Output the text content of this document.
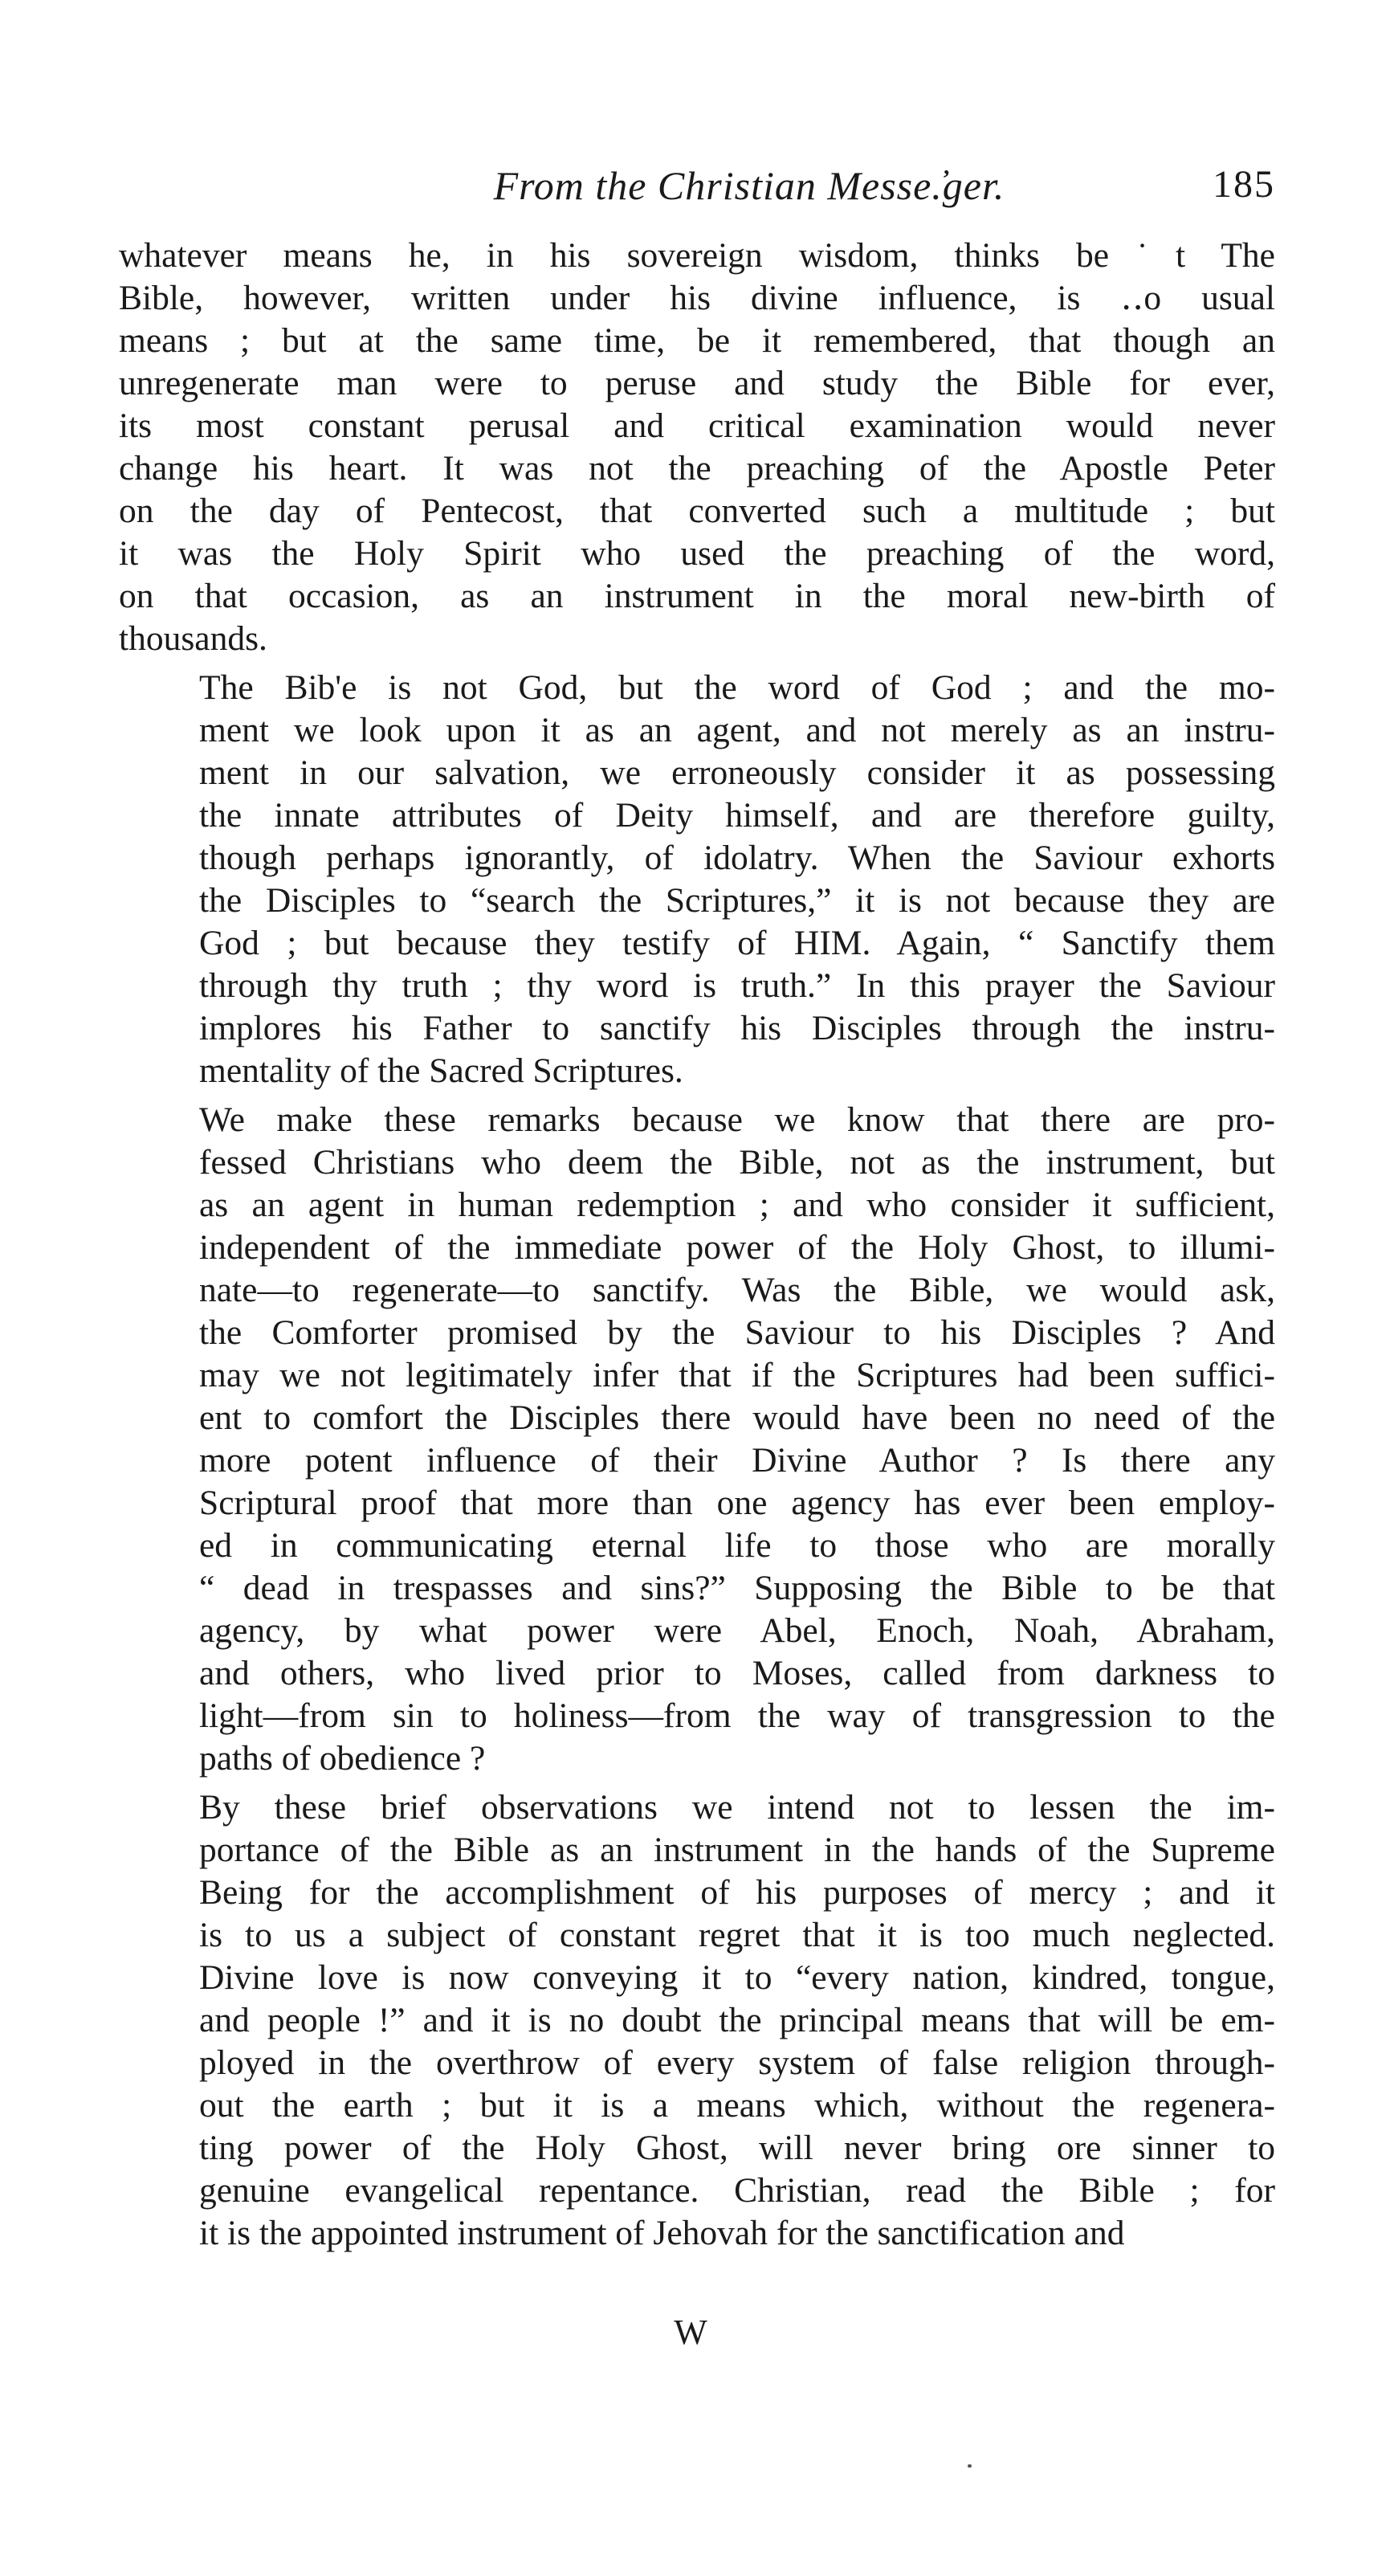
From the Christian Messe.̓ger.	185

whatever means he, in his sovereign wisdom, thinks be˙t The
Bible, however, written under his divine influence, is ‥o usual
means ; but at the same time, be it remembered, that though an
unregenerate man were to peruse and study the Bible for ever,
its most constant perusal and critical examination would never
change his heart. It was not the preaching of the Apostle Peter
on the day of Pentecost, that converted such a multitude ; but
it was the Holy Spirit who used the preaching of the word,
on that occasion, as an instrument in the moral new-birth of
thousands.

The Bib'e is not God, but the word of God ; and the mo-
ment we look upon it as an agent, and not merely as an instru-
ment in our salvation, we erroneously consider it as possessing
the innate attributes of Deity himself, and are therefore guilty,
though perhaps ignorantly, of idolatry. When the Saviour exhorts
the Disciples to “search the Scriptures,” it is not because they are
God ; but because they testify of HIM. Again, “ Sanctify them
through thy truth ; thy word is truth.” In this prayer the Saviour
implores his Father to sanctify his Disciples through the instru-
mentality of the Sacred Scriptures.

We make these remarks because we know that there are pro-
fessed Christians who deem the Bible, not as the instrument, but
as an agent in human redemption ; and who consider it sufficient,
independent of the immediate power of the Holy Ghost, to illumi-
nate—to regenerate—to sanctify. Was the Bible, we would ask,
the Comforter promised by the Saviour to his Disciples ? And
may we not legitimately infer that if the Scriptures had been suffici-
ent to comfort the Disciples there would have been no need of the
more potent influence of their Divine Author ? Is there any
Scriptural proof that more than one agency has ever been employ-
ed in communicating eternal life to those who are morally
“ dead in trespasses and sins?” Supposing the Bible to be that
agency, by what power were Abel, Enoch, Noah, Abraham,
and others, who lived prior to Moses, called from darkness to
light—from sin to holiness—from the way of transgression to the
paths of obedience ?

By these brief observations we intend not to lessen the im-
portance of the Bible as an instrument in the hands of the Supreme
Being for the accomplishment of his purposes of mercy ; and it
is to us a subject of constant regret that it is too much neglected.
Divine love is now conveying it to “every nation, kindred, tongue,
and people !” and it is no doubt the principal means that will be em-
ployed in the overthrow of every system of false religion through-
out the earth ; but it is a means which, without the regenera-
ting power of the Holy Ghost, will never bring ore sinner to
genuine evangelical repentance. Christian, read the Bible ; for
it is the appointed instrument of Jehovah for the sanctification and

W
